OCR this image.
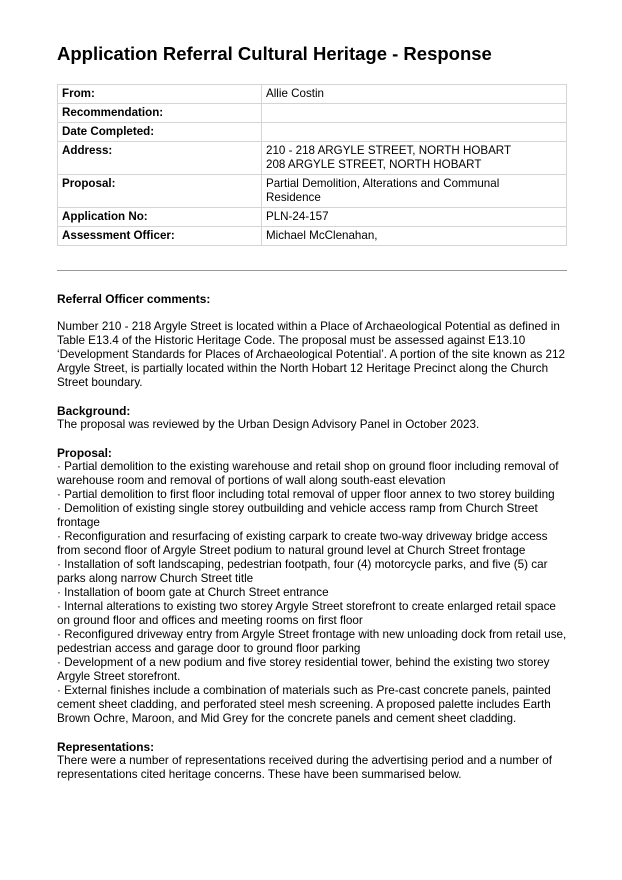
Application Referral Cultural Heritage - Response
From:	Allie Costin

Recommendation:	

Date Completed:	

Address:	210 - 218 ARGYLE STREET, NORTH HOBART
208 ARGYLE STREET, NORTH HOBART

Proposal:	Partial Demolition, Alterations and Communal
Residence

Application No:	PLN-24-157

Assessment Officer:	Michael McClenahan,
Referral Officer comments:

Number 210 - 218 Argyle Street is located within a Place of Archaeological Potential as defined in Table E13.4 of the Historic Heritage Code. The proposal must be assessed against E13.10 ‘Development Standards for Places of Archaeological Potential’. A portion of the site known as 212 Argyle Street, is partially located within the North Hobart 12 Heritage Precinct along the Church Street boundary.

Background:

The proposal was reviewed by the Urban Design Advisory Panel in October 2023.

Proposal:
· Partial demolition to the existing warehouse and retail shop on ground floor including removal of warehouse room and removal of portions of wall along south-east elevation
· Partial demolition to first floor including total removal of upper floor annex to two storey building
· Demolition of existing single storey outbuilding and vehicle access ramp from Church Street frontage
· Reconfiguration and resurfacing of existing carpark to create two-way driveway bridge access from second floor of Argyle Street podium to natural ground level at Church Street frontage
· Installation of soft landscaping, pedestrian footpath, four (4) motorcycle parks, and five (5) car parks along narrow Church Street title
· Installation of boom gate at Church Street entrance
· Internal alterations to existing two storey Argyle Street storefront to create enlarged retail space on ground floor and offices and meeting rooms on first floor
· Reconfigured driveway entry from Argyle Street frontage with new unloading dock from retail use, pedestrian access and garage door to ground floor parking
· Development of a new podium and five storey residential tower, behind the existing two storey Argyle Street storefront.
· External finishes include a combination of materials such as Pre-cast concrete panels, painted cement sheet cladding, and perforated steel mesh screening. A proposed palette includes Earth Brown Ochre, Maroon, and Mid Grey for the concrete panels and cement sheet cladding.
Representations:

There were a number of representations received during the advertising period and a number of representations cited heritage concerns. These have been summarised below.
